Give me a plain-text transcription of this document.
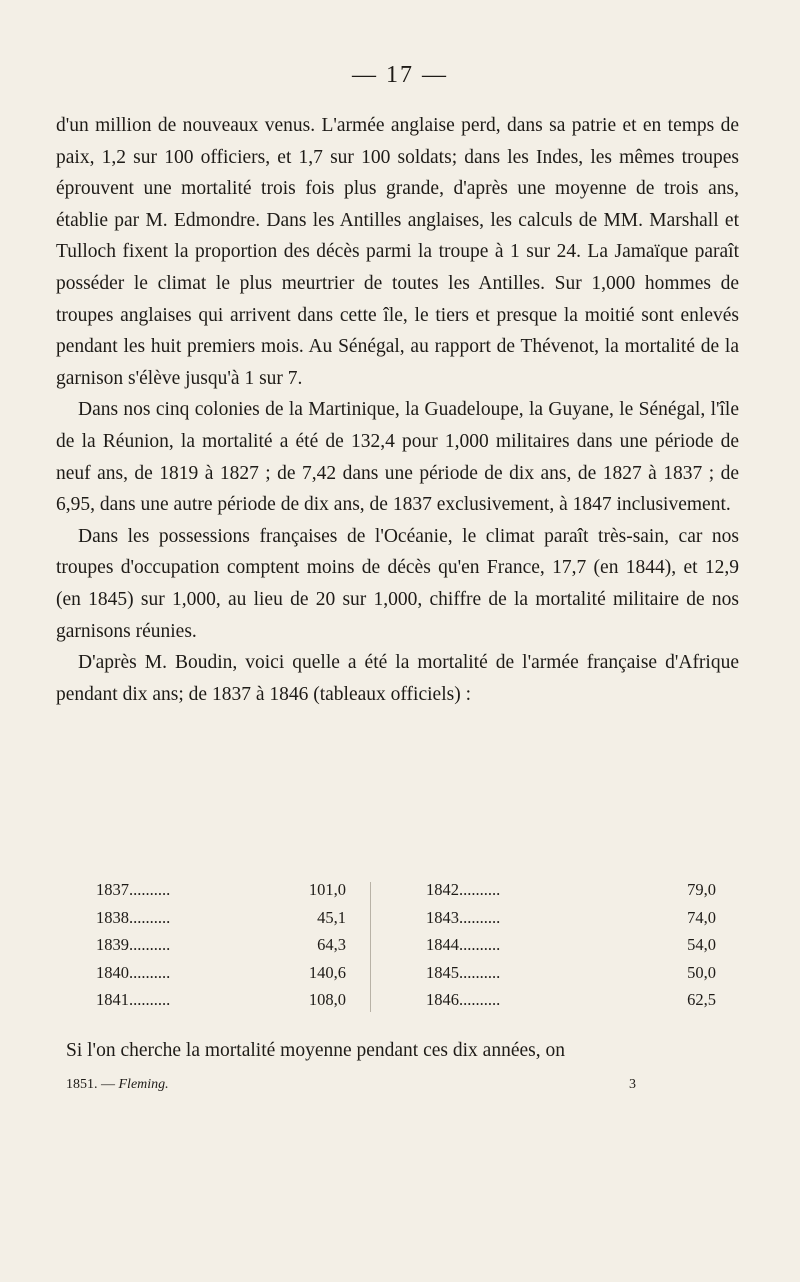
— 17 —

d'un million de nouveaux venus. L'armée anglaise perd, dans sa patrie et en temps de paix, 1,2 sur 100 officiers, et 1,7 sur 100 soldats; dans les Indes, les mêmes troupes éprouvent une mortalité trois fois plus grande, d'après une moyenne de trois ans, établie par M. Edmondre. Dans les Antilles anglaises, les calculs de MM. Marshall et Tulloch fixent la proportion des décès parmi la troupe à 1 sur 24. La Jamaïque paraît posséder le climat le plus meurtrier de toutes les Antilles. Sur 1,000 hommes de troupes anglaises qui arrivent dans cette île, le tiers et presque la moitié sont enlevés pendant les huit premiers mois. Au Sénégal, au rapport de Thévenot, la mortalité de la garnison s'élève jusqu'à 1 sur 7.

Dans nos cinq colonies de la Martinique, la Guadeloupe, la Guyane, le Sénégal, l'île de la Réunion, la mortalité a été de 132,4 pour 1,000 militaires dans une période de neuf ans, de 1819 à 1827 ; de 7,42 dans une période de dix ans, de 1827 à 1837 ; de 6,95, dans une autre période de dix ans, de 1837 exclusivement, à 1847 inclusivement.

Dans les possessions françaises de l'Océanie, le climat paraît très-sain, car nos troupes d'occupation comptent moins de décès qu'en France, 17,7 (en 1844), et 12,9 (en 1845) sur 1,000, au lieu de 20 sur 1,000, chiffre de la mortalité militaire de nos garnisons réunies.

D'après M. Boudin, voici quelle a été la mortalité de l'armée française d'Afrique pendant dix ans; de 1837 à 1846 (tableaux officiels) :

1837..........	101,0
1838..........	45,1
1839..........	64,3
1840..........	140,6
1841..........	108,0
1842..........	79,0
1843..........	74,0
1844..........	54,0
1845..........	50,0
1846..........	62,5
Si l'on cherche la mortalité moyenne pendant ces dix années, on
1851. — Fleming.	3
